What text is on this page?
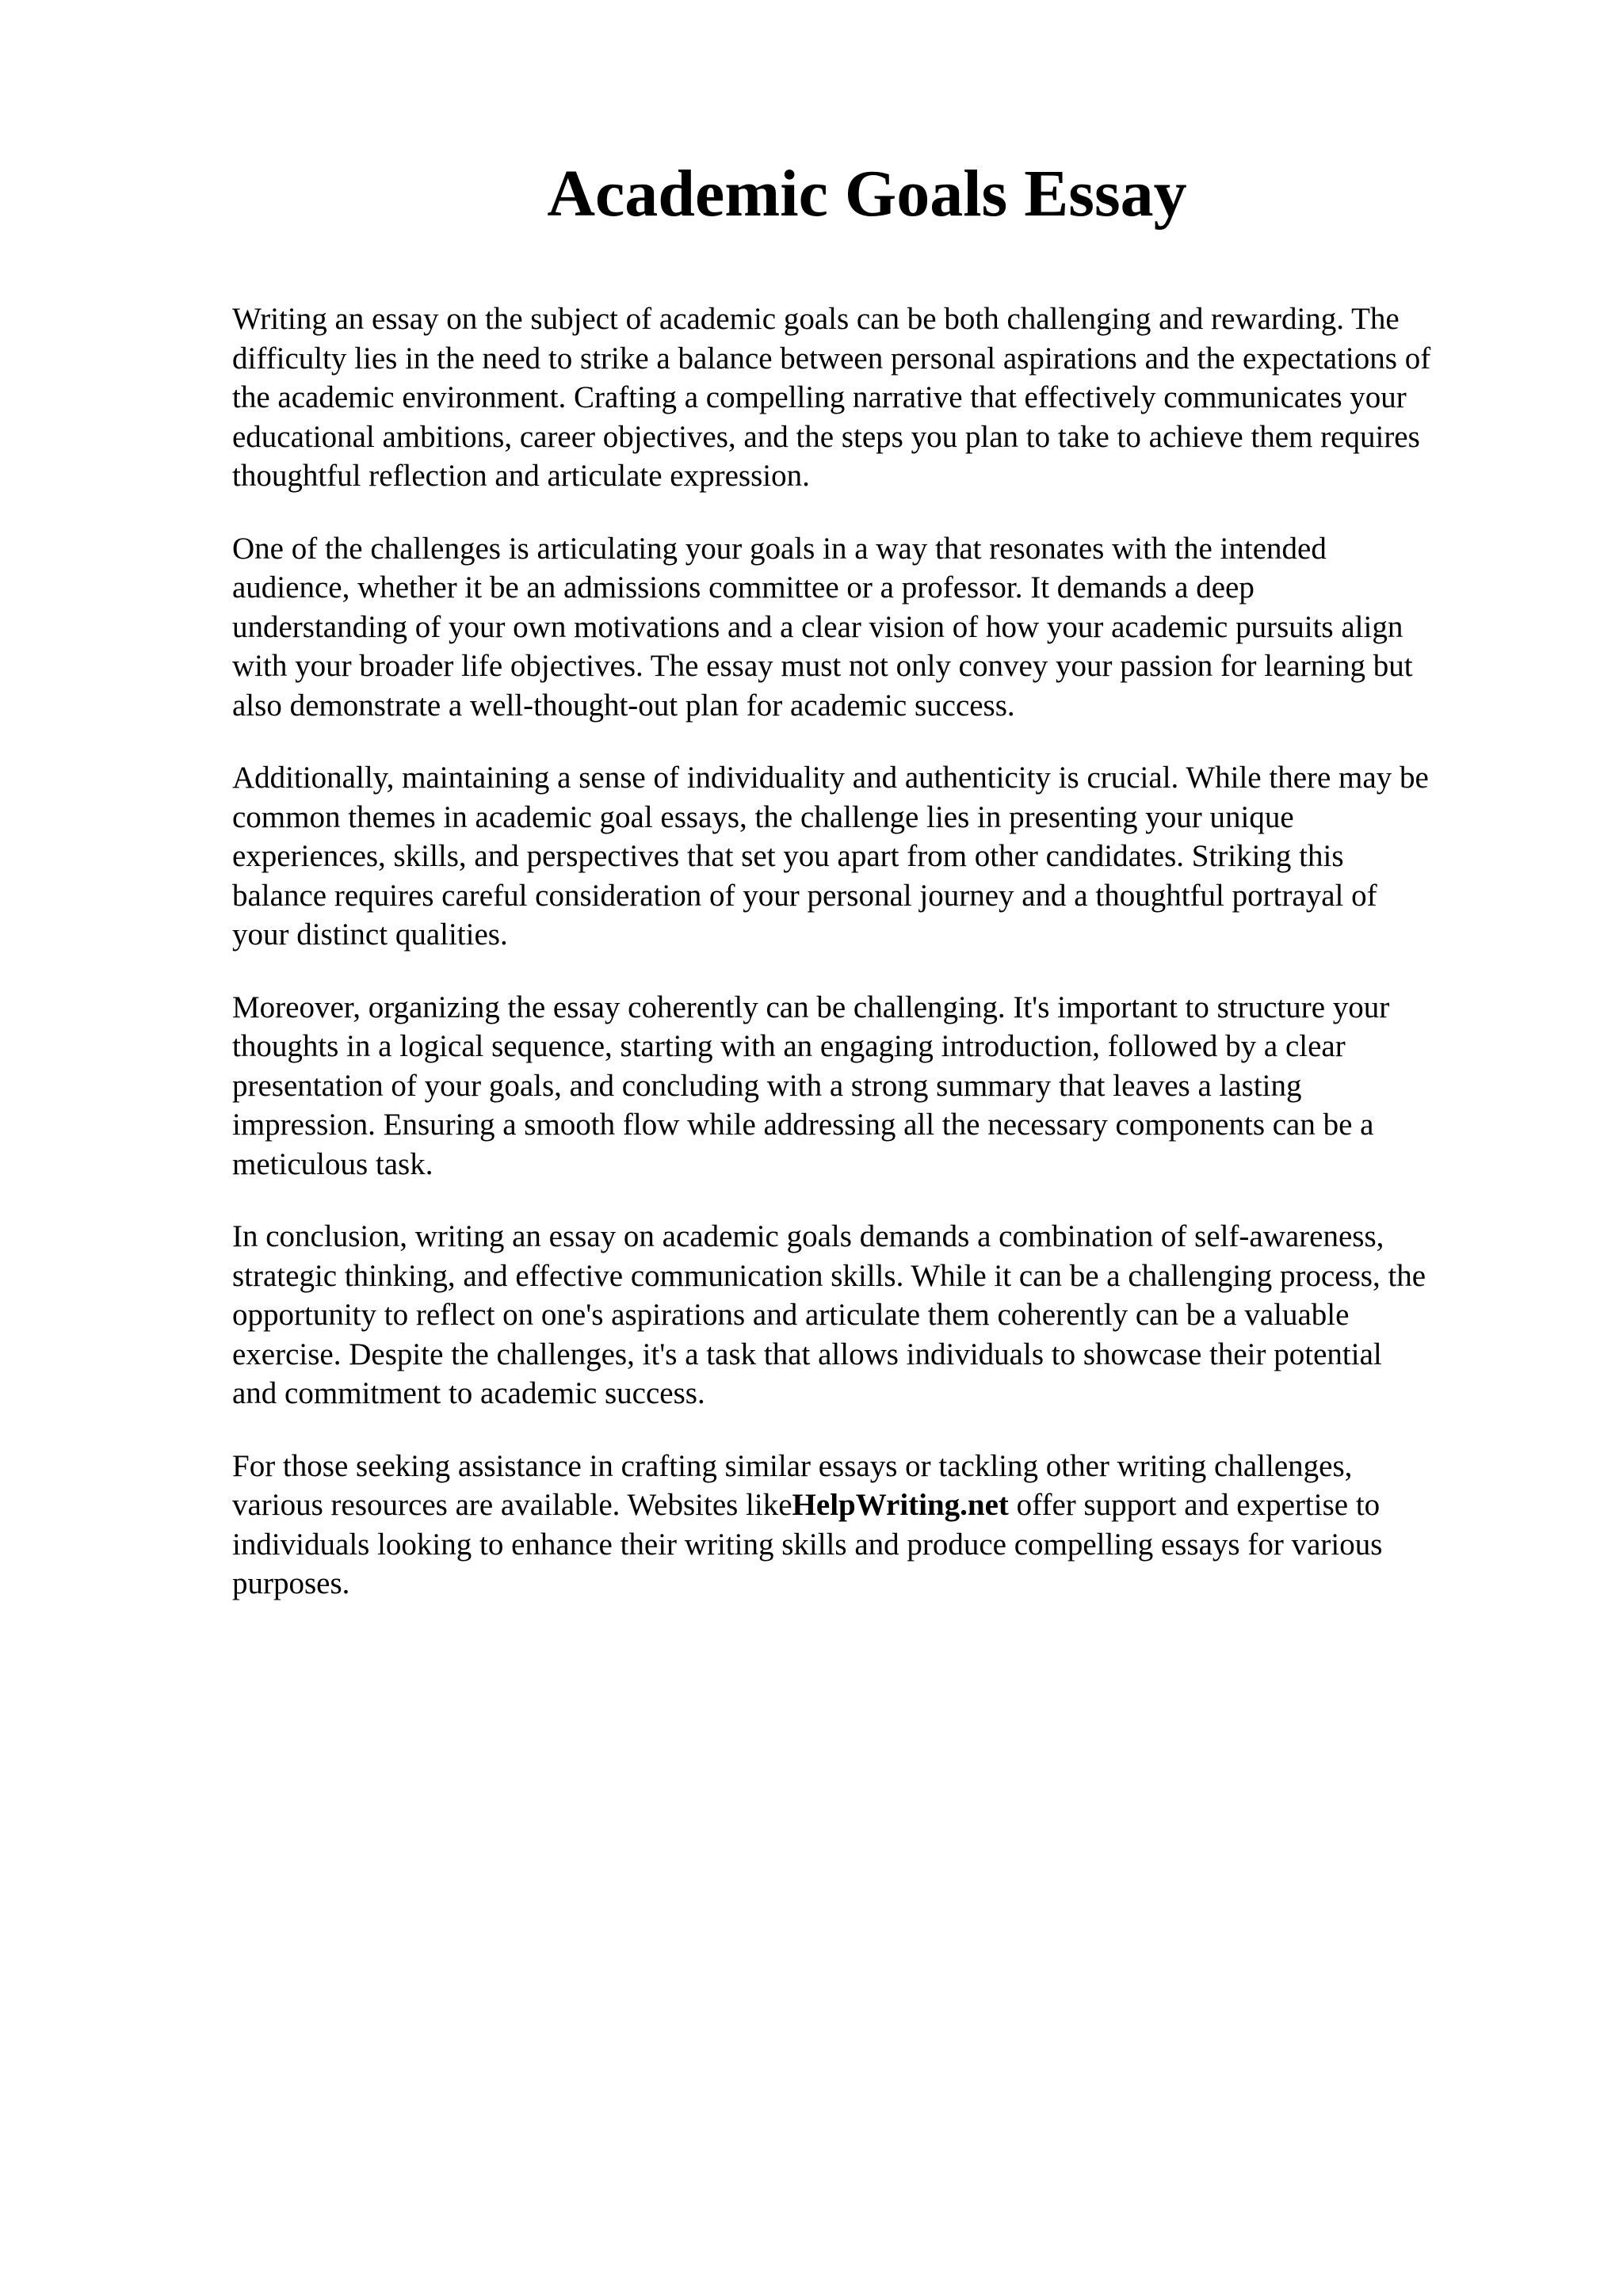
Academic Goals Essay

Writing an essay on the subject of academic goals can be both challenging and rewarding. The
difficulty lies in the need to strike a balance between personal aspirations and the expectations of
the academic environment. Crafting a compelling narrative that effectively communicates your
educational ambitions, career objectives, and the steps you plan to take to achieve them requires
thoughtful reflection and articulate expression.

One of the challenges is articulating your goals in a way that resonates with the intended
audience, whether it be an admissions committee or a professor. It demands a deep
understanding of your own motivations and a clear vision of how your academic pursuits align
with your broader life objectives. The essay must not only convey your passion for learning but
also demonstrate a well-thought-out plan for academic success.

Additionally, maintaining a sense of individuality and authenticity is crucial. While there may be
common themes in academic goal essays, the challenge lies in presenting your unique
experiences, skills, and perspectives that set you apart from other candidates. Striking this
balance requires careful consideration of your personal journey and a thoughtful portrayal of
your distinct qualities.

Moreover, organizing the essay coherently can be challenging. It's important to structure your
thoughts in a logical sequence, starting with an engaging introduction, followed by a clear
presentation of your goals, and concluding with a strong summary that leaves a lasting
impression. Ensuring a smooth flow while addressing all the necessary components can be a
meticulous task.

In conclusion, writing an essay on academic goals demands a combination of self-awareness,
strategic thinking, and effective communication skills. While it can be a challenging process, the
opportunity to reflect on one's aspirations and articulate them coherently can be a valuable
exercise. Despite the challenges, it's a task that allows individuals to showcase their potential
and commitment to academic success.

For those seeking assistance in crafting similar essays or tackling other writing challenges,
various resources are available. Websites likeHelpWriting.net offer support and expertise to
individuals looking to enhance their writing skills and produce compelling essays for various
purposes.
